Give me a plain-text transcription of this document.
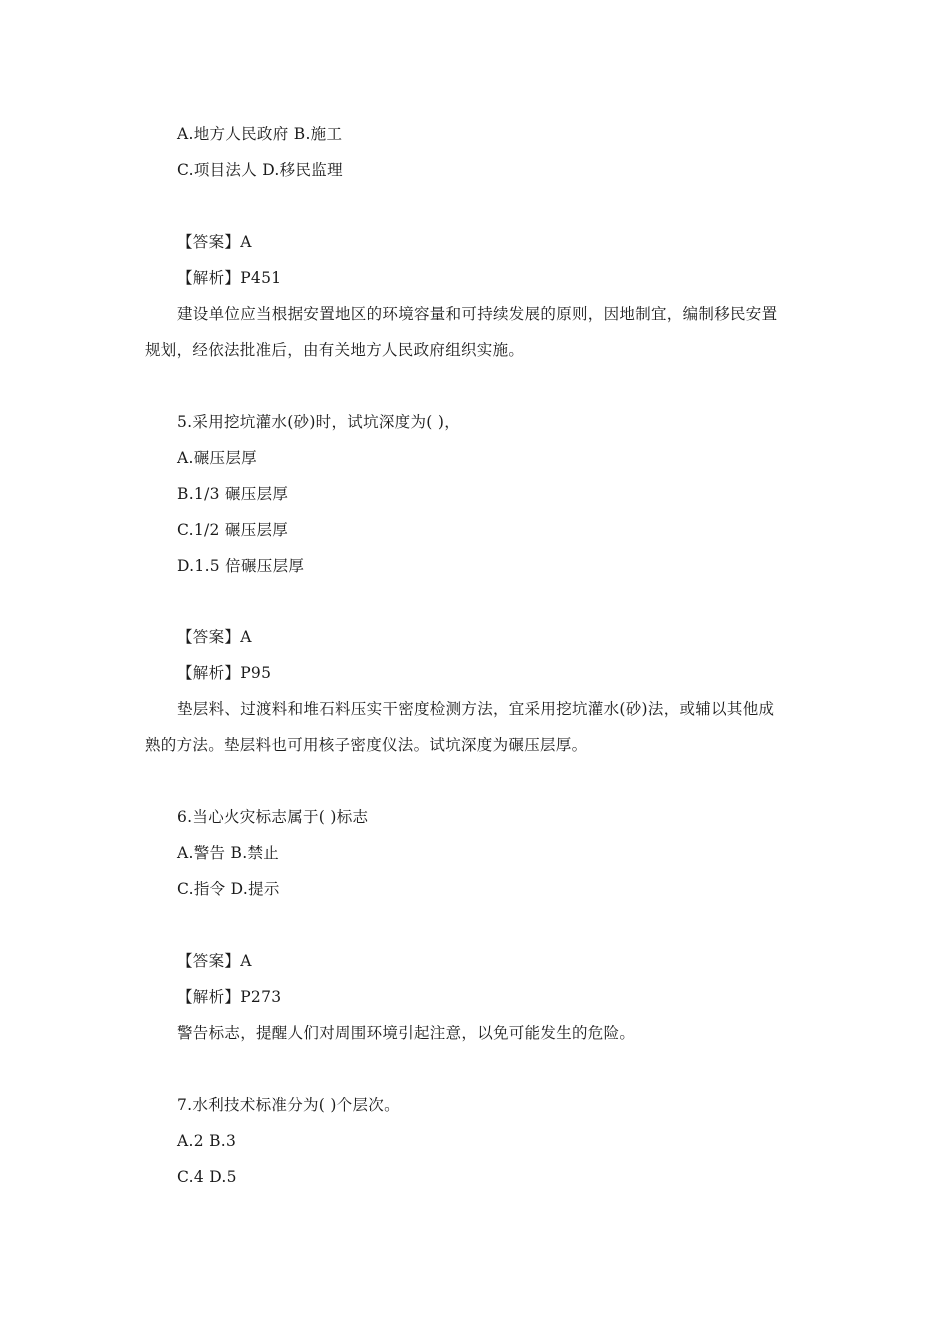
A.地方人民政府 B.施工
C.项目法人 D.移民监理
【答案】A
【解析】P451
建设单位应当根据安置地区的环境容量和可持续发展的原则，因地制宜，编制移民安置
规划，经依法批准后，由有关地方人民政府组织实施。
5.采用挖坑灌水(砂)时，试坑深度为( )，
A.碾压层厚
B.1/3 碾压层厚
C.1/2 碾压层厚
D.1.5 倍碾压层厚
【答案】A
【解析】P95
垫层料、过渡料和堆石料压实干密度检测方法，宜采用挖坑灌水(砂)法，或辅以其他成
熟的方法。垫层料也可用核子密度仪法。试坑深度为碾压层厚。
6.当心火灾标志属于( )标志
A.警告 B.禁止
C.指令 D.提示
【答案】A
【解析】P273
警告标志，提醒人们对周围环境引起注意，以免可能发生的危险。
7.水利技术标准分为( )个层次。
A.2 B.3
C.4 D.5
